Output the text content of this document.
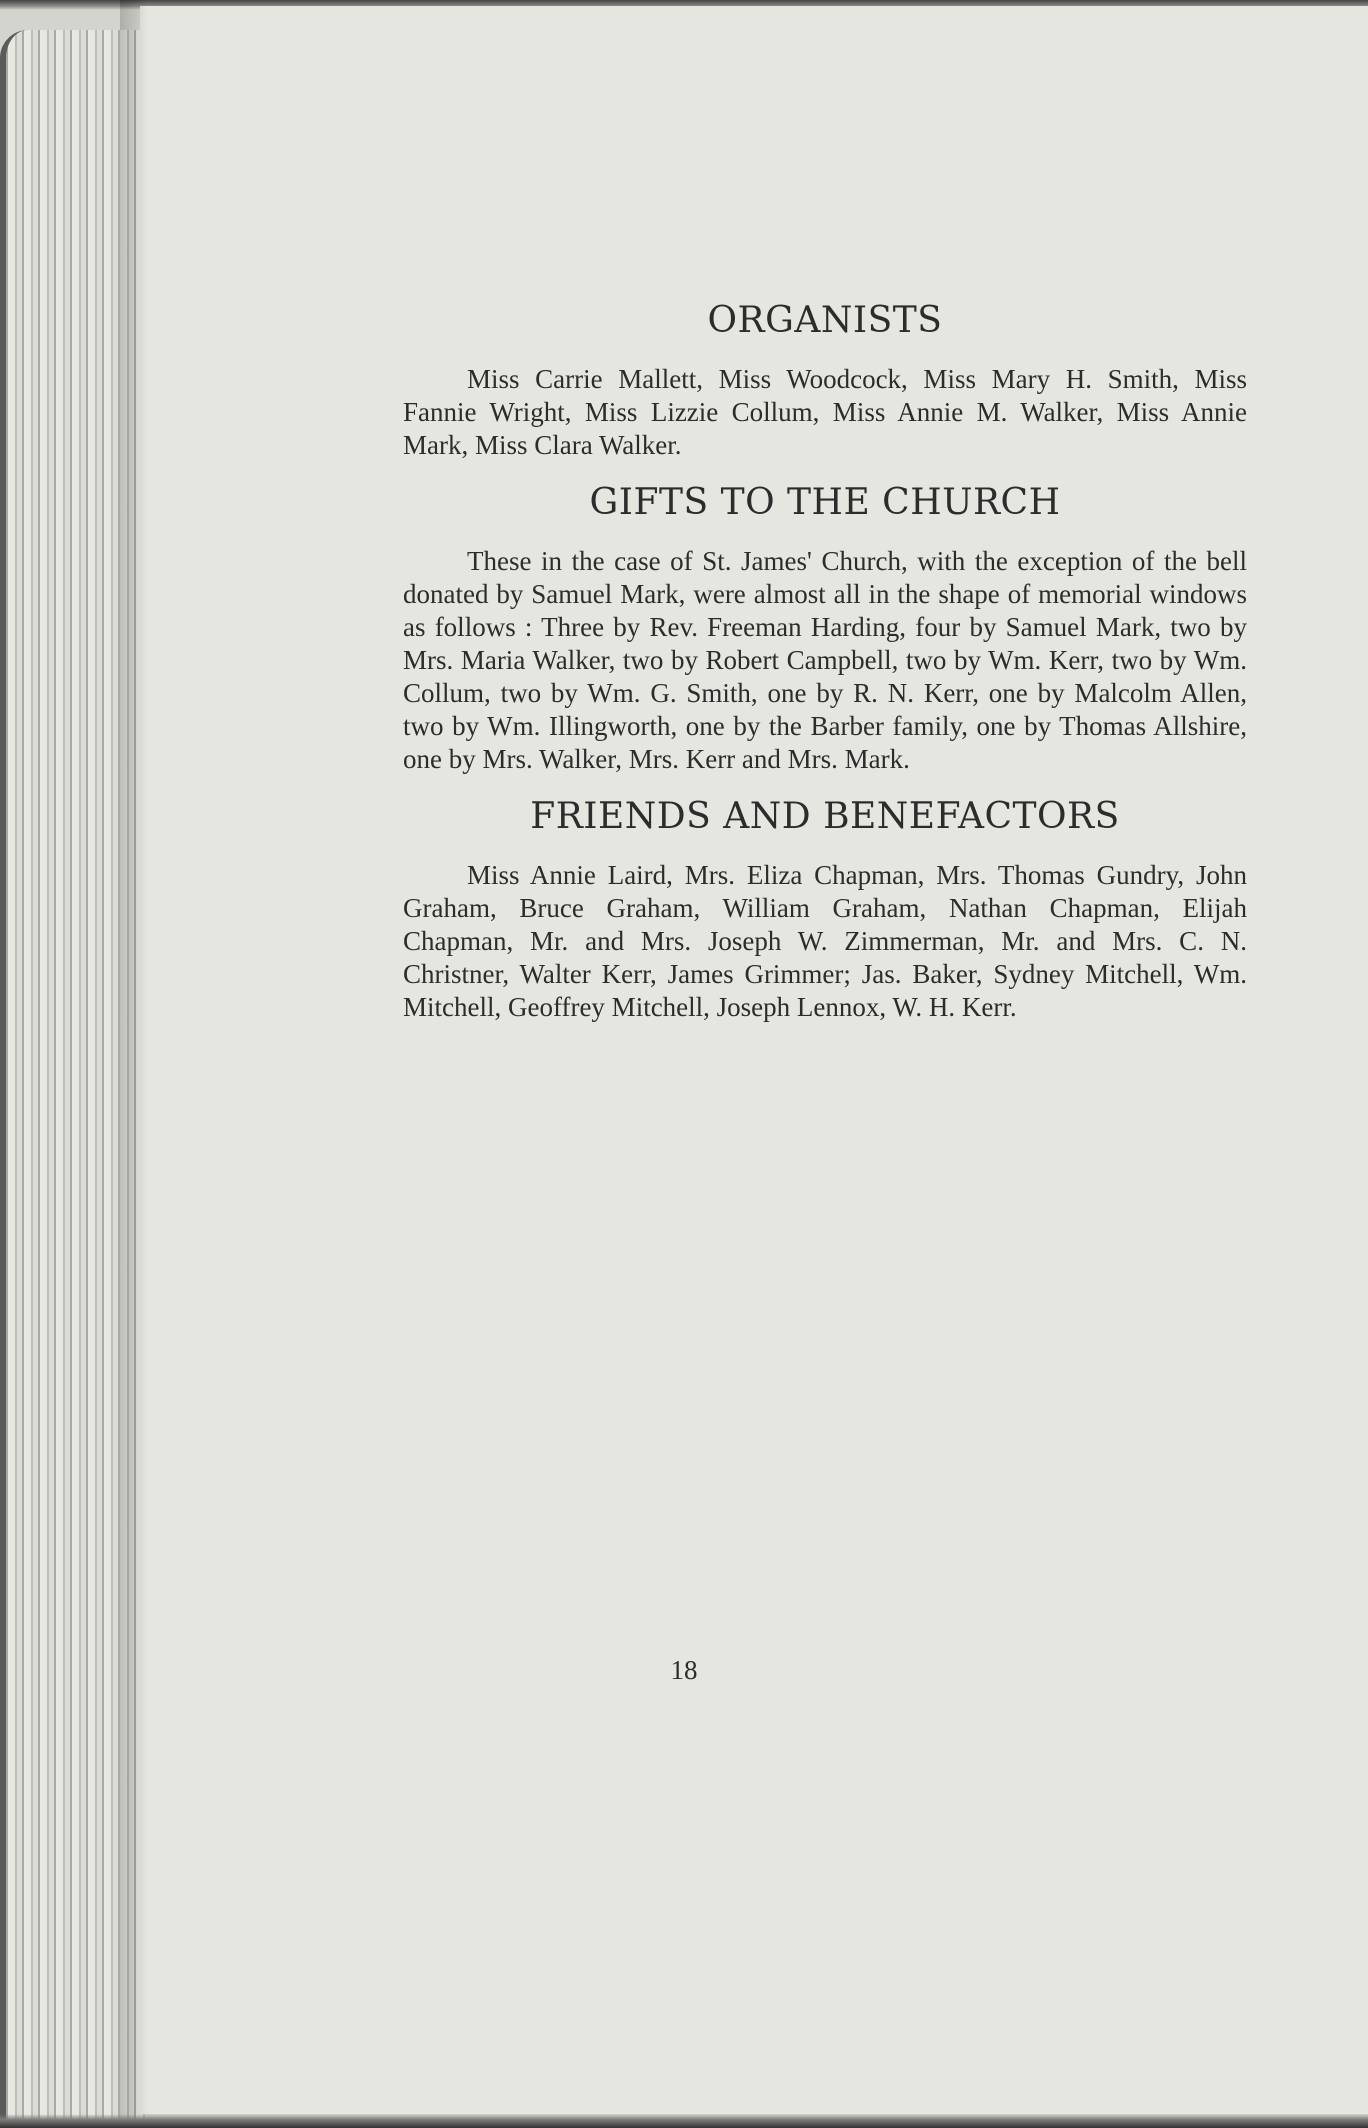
ORGANISTS

Miss Carrie Mallett, Miss Woodcock, Miss Mary H. Smith, Miss Fannie Wright, Miss Lizzie Collum, Miss Annie M. Walker, Miss Annie Mark, Miss Clara Walker.

GIFTS TO THE CHURCH

These in the case of St. James' Church, with the exception of the bell donated by Samuel Mark, were almost all in the shape of memorial windows as follows : Three by Rev. Freeman Harding, four by Samuel Mark, two by Mrs. Maria Walker, two by Robert Campbell, two by Wm. Kerr, two by Wm. Collum, two by Wm. G. Smith, one by R. N. Kerr, one by Malcolm Allen, two by Wm. Illingworth, one by the Barber family, one by Thomas Allshire, one by Mrs. Walker, Mrs. Kerr and Mrs. Mark.

FRIENDS AND BENEFACTORS

Miss Annie Laird, Mrs. Eliza Chapman, Mrs. Thomas Gundry, John Graham, Bruce Graham, William Graham, Nathan Chapman, Elijah Chapman, Mr. and Mrs. Joseph W. Zimmerman, Mr. and Mrs. C. N. Christner, Walter Kerr, James Grimmer; Jas. Baker, Sydney Mitchell, Wm. Mitchell, Geoffrey Mitchell, Joseph Lennox, W. H. Kerr.

18
